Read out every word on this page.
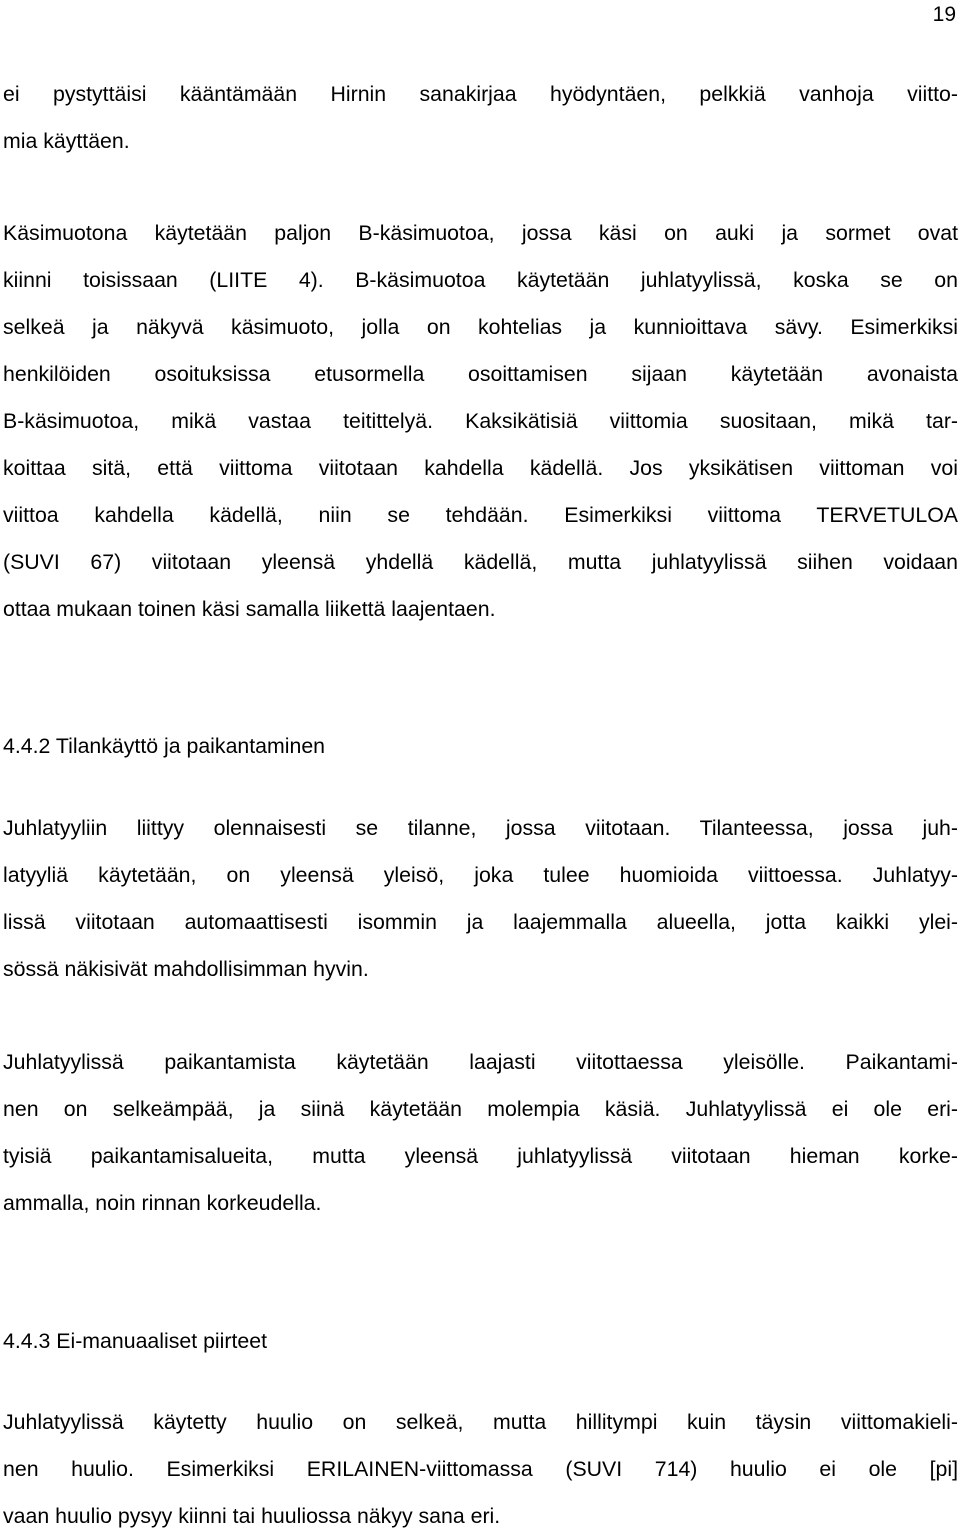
19
ei pystyttäisi kääntämään Hirnin sanakirjaa hyödyntäen, pelkkiä vanhoja viitto-
mia käyttäen.
Käsimuotona käytetään paljon B-käsimuotoa, jossa käsi on auki ja sormet ovat
kiinni toisissaan (LIITE 4). B-käsimuotoa käytetään juhlatyylissä, koska se on
selkeä ja näkyvä käsimuoto, jolla on kohtelias ja kunnioittava sävy. Esimerkiksi
henkilöiden osoituksissa etusormella osoittamisen sijaan käytetään avonaista
B-käsimuotoa, mikä vastaa teitittelyä. Kaksikätisiä viittomia suositaan, mikä tar-
koittaa sitä, että viittoma viitotaan kahdella kädellä. Jos yksikätisen viittoman voi
viittoa kahdella kädellä, niin se tehdään. Esimerkiksi viittoma TERVETULOA
(SUVI 67) viitotaan yleensä yhdellä kädellä, mutta juhlatyylissä siihen voidaan
ottaa mukaan toinen käsi samalla liikettä laajentaen.
4.4.2 Tilankäyttö ja paikantaminen
Juhlatyyliin liittyy olennaisesti se tilanne, jossa viitotaan. Tilanteessa, jossa juh-
latyyliä käytetään, on yleensä yleisö, joka tulee huomioida viittoessa. Juhlatyy-
lissä viitotaan automaattisesti isommin ja laajemmalla alueella, jotta kaikki ylei-
sössä näkisivät mahdollisimman hyvin.
Juhlatyylissä paikantamista käytetään laajasti viitottaessa yleisölle. Paikantami-
nen on selkeämpää, ja siinä käytetään molempia käsiä. Juhlatyylissä ei ole eri-
tyisiä paikantamisalueita, mutta yleensä juhlatyylissä viitotaan hieman korke-
ammalla, noin rinnan korkeudella.
4.4.3 Ei-manuaaliset piirteet
Juhlatyylissä käytetty huulio on selkeä, mutta hillitympi kuin täysin viittomakieli-
nen huulio. Esimerkiksi ERILAINEN-viittomassa (SUVI 714) huulio ei ole [pi]
vaan huulio pysyy kiinni tai huuliossa näkyy sana eri.
